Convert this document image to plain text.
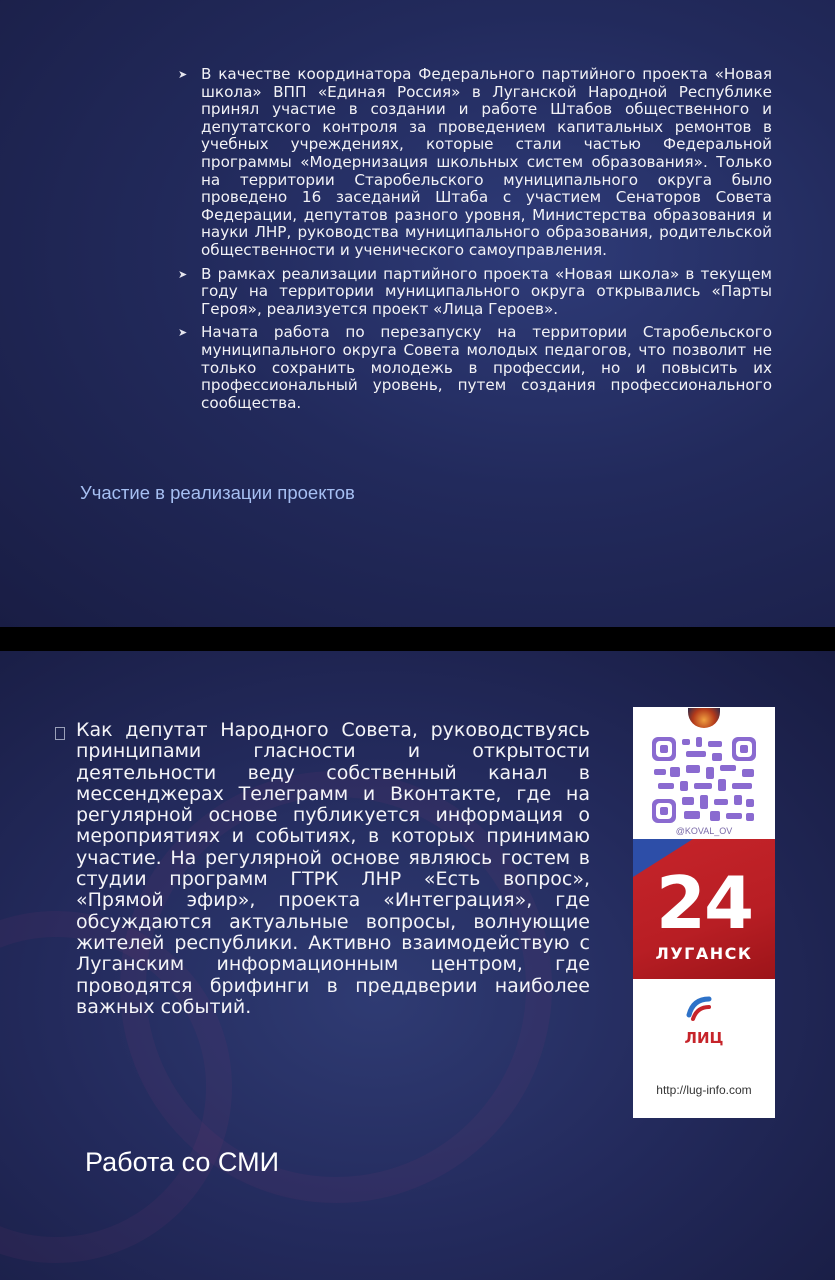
➤ В качестве координатора Федерального партийного проекта «Новая школа» ВПП «Единая Россия» в Луганской Народной Республике принял участие в создании и работе Штабов общественного и депутатского контроля за проведением капитальных ремонтов в учебных учреждениях, которые стали частью Федеральной программы «Модернизация школьных систем образования». Только на территории Старобельского муниципального округа было проведено 16 заседаний Штаба с участием Сенаторов Совета Федерации, депутатов разного уровня, Министерства образования и науки ЛНР, руководства муниципального образования, родительской общественности и ученического самоуправления.
➤ В рамках реализации партийного проекта «Новая школа» в текущем году на территории муниципального округа открывались «Парты Героя», реализуется проект «Лица Героев».
➤ Начата работа по перезапуску на территории Старобельского муниципального округа Совета молодых педагогов, что позволит не только сохранить молодежь в профессии, но и повысить их профессиональный уровень, путем создания профессионального сообщества.
Участие в реализации проектов
Как депутат Народного Совета, руководствуясь принципами гласности и открытости деятельности веду собственный канал в мессенджерах Телеграмм и Вконтакте, где на регулярной основе публикуется информация о мероприятиях и событиях, в которых принимаю участие. На регулярной основе являюсь гостем в студии программ ГТРК ЛНР «Есть вопрос», «Прямой эфир», проекта «Интеграция», где обсуждаются актуальные вопросы, волнующие жителей республики. Активно взаимодействую с Луганским информационным центром, где проводятся брифинги в преддверии наиболее важных событий.
Работа со СМИ
@KOVAL_OV
24
ЛУГАНСК
ЛИЦ
http://lug-info.com
